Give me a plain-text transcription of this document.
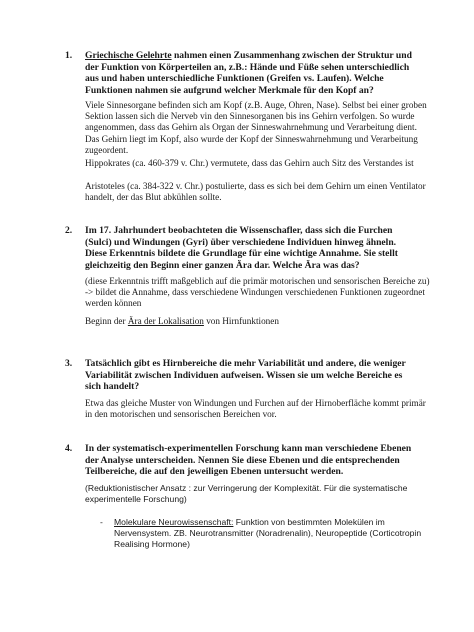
1.	Griechische Gelehrte nahmen einen Zusammenhang zwischen der Struktur und der Funktion von Körperteilen an, z.B.: Hände und Füße sehen unterschiedlich aus und haben unterschiedliche Funktionen (Greifen vs. Laufen). Welche Funktionen nahmen sie aufgrund welcher Merkmale für den Kopf an?
Viele Sinnesorgane befinden sich am Kopf (z.B. Auge, Ohren, Nase). Selbst bei einer groben Sektion lassen sich die Nerveb vin den Sinnesorganen bis ins Gehirn verfolgen. So wurde angenommen, dass das Gehirn als Organ der Sinneswahrnehmung und Verarbeitung dient. Das Gehirn liegt im Kopf, also wurde der Kopf der Sinneswahrnehmung und Verarbeitung zugeordent.
Hippokrates (ca. 460-379 v. Chr.) vermutete, dass das Gehirn auch Sitz des Verstandes ist
Aristoteles (ca. 384-322 v. Chr.) postulierte, dass es sich bei dem Gehirn um einen Ventilator handelt, der das Blut abkühlen sollte.
2.	Im 17. Jahrhundert beobachteten die Wissenschafler, dass sich die Furchen (Sulci) und Windungen (Gyri) über verschiedene Individuen hinweg ähneln. Diese Erkenntnis bildete die Grundlage für eine wichtige Annahme. Sie stellt gleichzeitig den Beginn einer ganzen Ära dar. Welche Ära was das?
(diese Erkenntnis trifft maßgeblich auf die primär motorischen und sensorischen Bereiche zu) -> bildet die Annahme, dass verschiedene Windungen verschiedenen Funktionen zugeordnet werden können
Beginn der Ära der Lokalisation von Hirnfunktionen
3.	Tatsächlich gibt es Hirnbereiche die mehr Variabilität und andere, die weniger Variabilität zwischen Individuen aufweisen. Wissen sie um welche Bereiche es sich handelt?
Etwa das gleiche Muster von Windungen und Furchen auf der Hirnoberfläche kommt primär in den motorischen und sensorischen Bereichen vor.
4.	In der systematisch-experimentellen Forschung kann man verschiedene Ebenen der Analyse unterscheiden. Nennen Sie diese Ebenen und die entsprechenden Teilbereiche, die auf den jeweiligen Ebenen untersucht werden.
(Reduktionistischer Ansatz : zur Verringerung der Komplexität. Für die systematische experimentelle Forschung)
-	Molekulare Neurowissenschaft: Funktion von bestimmten Molekülen im Nervensystem. ZB. Neurotransmitter (Noradrenalin), Neuropeptide (Corticotropin Realising Hormone)
